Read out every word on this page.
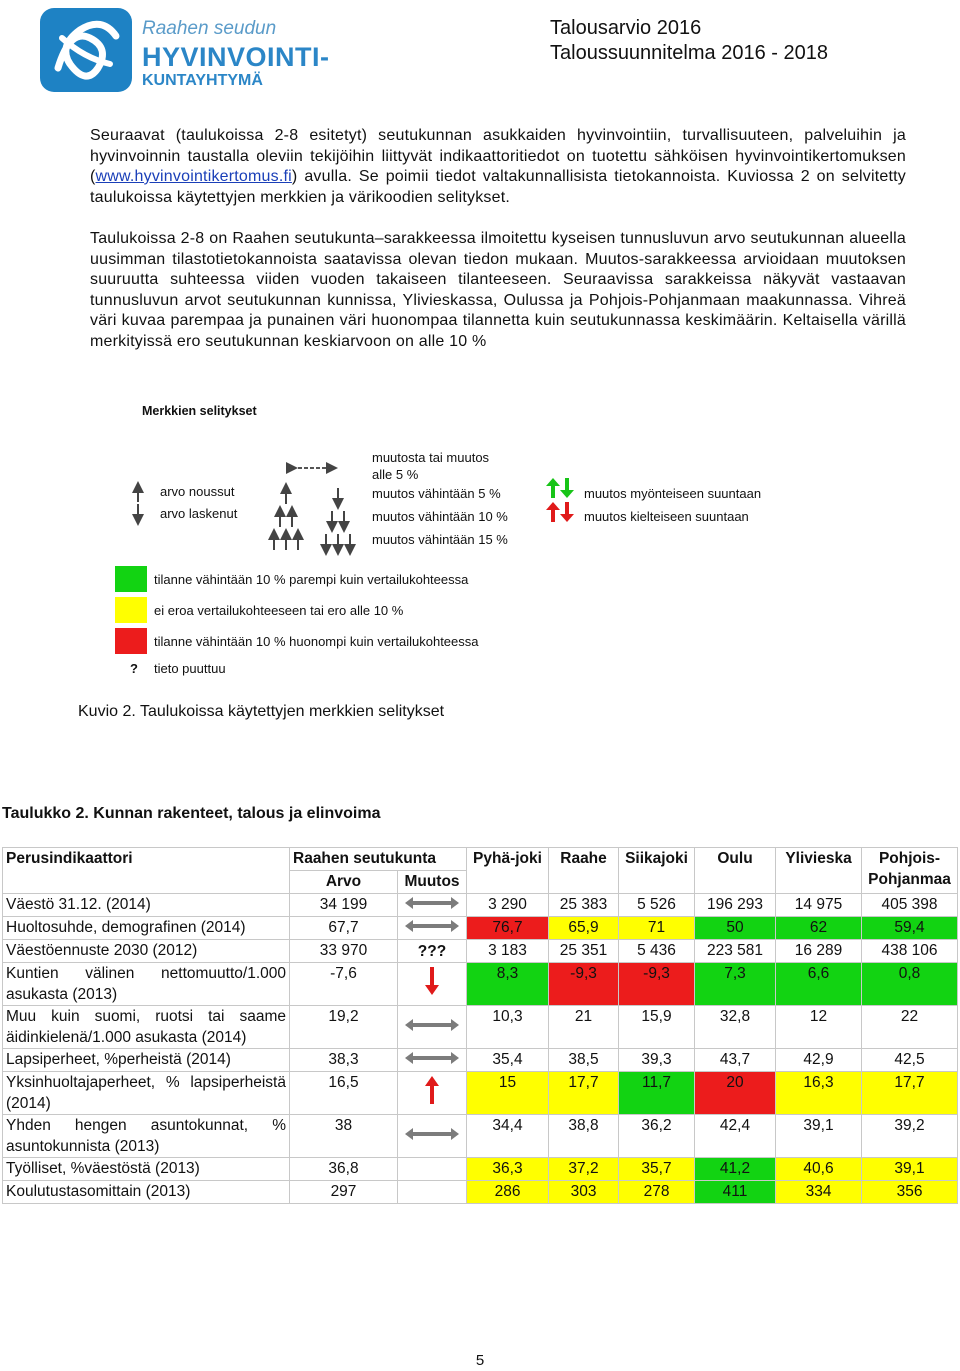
Raahen seudun
HYVINVOINTI-
KUNTAYHTYMÄ
Talousarvio 2016
Taloussuunnitelma 2016 - 2018
Seuraavat (taulukoissa 2-8 esitetyt) seutukunnan asukkaiden hyvinvointiin, turvallisuuteen, palveluihin ja hyvinvoinnin taustalla oleviin tekijöihin liittyvät indikaattoritiedot on tuotettu sähköisen hyvinvointikertomuksen (www.hyvinvointikertomus.fi) avulla. Se poimii tiedot valtakunnallisista tietokannoista. Kuviossa 2 on selvitetty taulukoissa käytettyjen merkkien ja värikoodien selitykset.
Taulukoissa 2-8 on Raahen seutukunta–sarakkeessa ilmoitettu kyseisen tunnusluvun arvo seutukunnan alueella uusimman tilastotietokannoista saatavissa olevan tiedon mukaan. Muutos-sarakkeessa arvioidaan muutoksen suuruutta suhteessa viiden vuoden takaiseen tilanteeseen. Seuraavissa sarakkeissa näkyvät vastaavan tunnusluvun arvot seutukunnan kunnissa, Ylivieskassa, Oulussa ja Pohjois-Pohjanmaan maakunnassa. Vihreä väri kuvaa parempaa ja punainen väri huonompaa tilannetta kuin seutukunnassa keskimäärin. Keltaisella värillä merkityissä ero seutukunnan keskiarvoon on alle 10 %
Merkkien selitykset
muutosta tai muutos
alle 5 %
arvo noussut
arvo laskenut
muutos vähintään 5 %
muutos vähintään 10 %
muutos vähintään 15 %
muutos myönteiseen suuntaan
muutos kielteiseen suuntaan
tilanne vähintään 10 % parempi kuin vertailukohteessa
ei eroa vertailukohteeseen tai ero alle 10 %
tilanne vähintään 10 % huonompi kuin vertailukohteessa
? tieto puuttuu
Kuvio 2. Taulukoissa käytettyjen merkkien selitykset
Taulukko 2. Kunnan rakenteet, talous ja elinvoima
Perusindikaattori	Raahen seutukunta		Pyhä-joki	Raahe	Siikajoki	Oulu	Ylivieska	Pohjois-Pohjanmaa
	Arvo	Muutos						
Väestö 31.12. (2014)	34 199		3 290	25 383	5 526	196 293	14 975	405 398
Huoltosuhde, demografinen (2014)	67,7		76,7	65,9	71	50	62	59,4
Väestöennuste 2030 (2012)	33 970	???	3 183	25 351	5 436	223 581	16 289	438 106
Kuntien välinen nettomuutto/1.000 asukasta (2013)	-7,6		8,3	-9,3	-9,3	7,3	6,6	0,8
Muu kuin suomi, ruotsi tai saame äidinkielenä/1.000 asukasta (2014)	19,2		10,3	21	15,9	32,8	12	22
Lapsiperheet, %perheistä (2014)	38,3		35,4	38,5	39,3	43,7	42,9	42,5
Yksinhuoltajaperheet, % lapsiperheistä (2014)	16,5		15	17,7	11,7	20	16,3	17,7
Yhden hengen asuntokunnat, % asuntokunnista (2013)	38		34,4	38,8	36,2	42,4	39,1	39,2
Työlliset, %väestöstä (2013)	36,8		36,3	37,2	35,7	41,2	40,6	39,1
Koulutustasomittain (2013)	297		286	303	278	411	334	356
5
